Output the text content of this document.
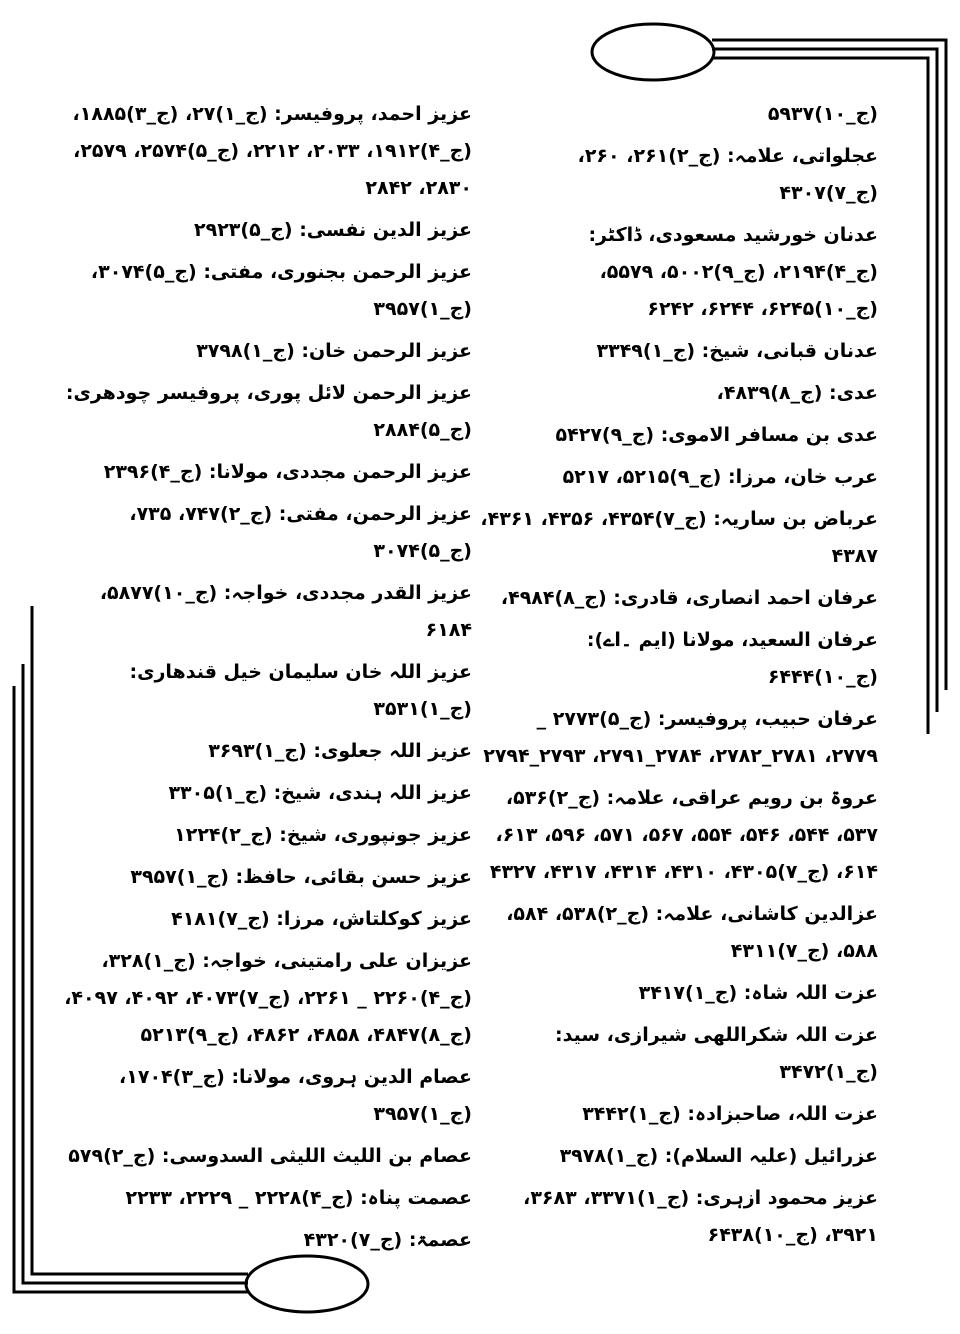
(ج_۱۰)۵۹۳۷

عجلواتی، علامہ: (ج_۲)۲۶۱، ۲۶۰، (ج_۷)۴۳۰۷

عدنان خورشید مسعودی، ڈاکٹر: (ج_۴)۲۱۹۴، (ج_۹)۵۰۰۲، ۵۵۷۹، (ج_۱۰)۶۲۴۵، ۶۲۴۴، ۶۲۴۲

عدنان قبانی، شیخ: (ج_۱)۳۳۴۹

عدی: (ج_۸)۴۸۳۹،

عدی بن مسافر الاموی: (ج_۹)۵۴۲۷

عرب خان، مرزا: (ج_۹)۵۲۱۵، ۵۲۱۷

عرباض بن ساریہ: (ج_۷)۴۳۵۴، ۴۳۵۶، ۴۳۶۱، ۴۳۸۷

عرفان احمد انصاری، قادری: (ج_۸)۴۹۸۴،

عرفان السعید، مولانا (ایم ۔اے): (ج_۱۰)۶۴۴۴

عرفان حبیب، پروفیسر: (ج_۵)۲۷۷۳ _ ۲۷۷۹، ۲۷۸۱_۲۷۸۲، ۲۷۸۴_۲۷۹۱، ۲۷۹۳_۲۷۹۴

عروۃ بن رویم عراقی، علامہ: (ج_۲)۵۳۶، ۵۳۷، ۵۴۴، ۵۴۶، ۵۵۴، ۵۶۷، ۵۷۱، ۵۹۶، ۶۱۳، ۶۱۴، (ج_۷)۴۳۰۵، ۴۳۱۰، ۴۳۱۴، ۴۳۱۷، ۴۳۲۷

عزالدین کاشانی، علامہ: (ج_۲)۵۳۸، ۵۸۴، ۵۸۸، (ج_۷)۴۳۱۱

عزت اللہ شاہ: (ج_۱)۳۴۱۷

عزت اللہ شکراللھی شیرازی، سید: (ج_۱)۳۴۷۲

عزت اللہ، صاحبزادہ: (ج_۱)۳۴۴۲

عزرائیل (علیہ السلام): (ج_۱)۳۹۷۸

عزیز محمود ازہری: (ج_۱)۳۳۷۱، ۳۶۸۳، ۳۹۲۱، (ج_۱۰)۶۴۳۸

عزیز احمد، پروفیسر: (ج_۱)۲۷، (ج_۳)۱۸۸۵، (ج_۴)۱۹۱۲، ۲۰۳۳، ۲۲۱۲، (ج_۵)۲۵۷۴، ۲۵۷۹، ۲۸۳۰، ۲۸۴۲

عزیز الدین نفسی: (ج_۵)۲۹۲۳

عزیز الرحمن بجنوری، مفتی: (ج_۵)۳۰۷۴، (ج_۱)۳۹۵۷

عزیز الرحمن خان: (ج_۱)۳۷۹۸

عزیز الرحمن لائل پوری، پروفیسر چودھری: (ج_۵)۲۸۸۴

عزیز الرحمن مجددی، مولانا: (ج_۴)۲۳۹۶

عزیز الرحمن، مفتی: (ج_۲)۷۴۷، ۷۳۵، (ج_۵)۳۰۷۴

عزیز القدر مجددی، خواجہ: (ج_۱۰)۵۸۷۷، ۶۱۸۴

عزیز اللہ خان سلیمان خیل قندھاری: (ج_۱)۳۵۳۱

عزیز اللہ جعلوی: (ج_۱)۳۶۹۳

عزیز اللہ ہندی، شیخ: (ج_۱)۳۳۰۵

عزیز جونپوری، شیخ: (ج_۲)۱۲۲۴

عزیز حسن بقائی، حافظ: (ج_۱)۳۹۵۷

عزیز کوکلتاش، مرزا: (ج_۷)۴۱۸۱

عزیزان علی رامتینی، خواجہ: (ج_۱)۳۲۸، (ج_۴)۲۲۶۰ _ ۲۲۶۱، (ج_۷)۴۰۷۳، ۴۰۹۲، ۴۰۹۷، (ج_۸)۴۸۴۷، ۴۸۵۸، ۴۸۶۲، (ج_۹)۵۲۱۳

عصام الدین ہروی، مولانا: (ج_۳)۱۷۰۴، (ج_۱)۳۹۵۷

عصام بن اللیث اللیثی السدوسی: (ج_۲)۵۷۹

عصمت پناہ: (ج_۴)۲۲۲۸ _ ۲۲۲۹، ۲۲۳۳

عصمۃ: (ج_۷)۴۳۲۰
